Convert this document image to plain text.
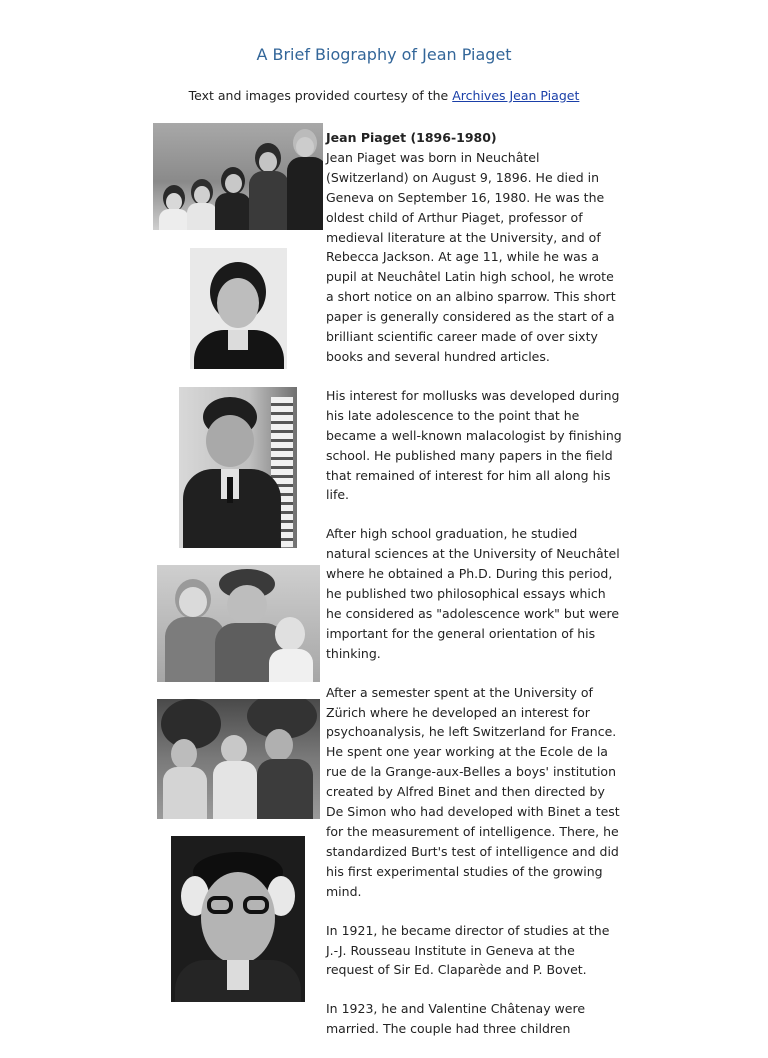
A Brief Biography of Jean Piaget
Text and images provided courtesy of the Archives Jean Piaget

Jean Piaget (1896-1980)

Jean Piaget was born in Neuchâtel (Switzerland) on August 9, 1896. He died in Geneva on September 16, 1980. He was the oldest child of Arthur Piaget, professor of medieval literature at the University, and of Rebecca Jackson. At age 11, while he was a pupil at Neuchâtel Latin high school, he wrote a short notice on an albino sparrow. This short paper is generally considered as the start of a brilliant scientific career made of over sixty books and several hundred articles.

His interest for mollusks was developed during his late adolescence to the point that he became a well-known malacologist by finishing school. He published many papers in the field that remained of interest for him all along his life.

After high school graduation, he studied natural sciences at the University of Neuchâtel where he obtained a Ph.D. During this period, he published two philosophical essays which he considered as "adolescence work" but were important for the general orientation of his thinking.

After a semester spent at the University of Zürich where he developed an interest for psychoanalysis, he left Switzerland for France. He spent one year working at the Ecole de la rue de la Grange-aux-Belles a boys' institution created by Alfred Binet and then directed by De Simon who had developed with Binet a test for the measurement of intelligence. There, he standardized Burt's test of intelligence and did his first experimental studies of the growing mind.

In 1921, he became director of studies at the J.-J. Rousseau Institute in Geneva at the request of Sir Ed. Claparède and P. Bovet.

In 1923, he and Valentine Châtenay were married. The couple had three children
